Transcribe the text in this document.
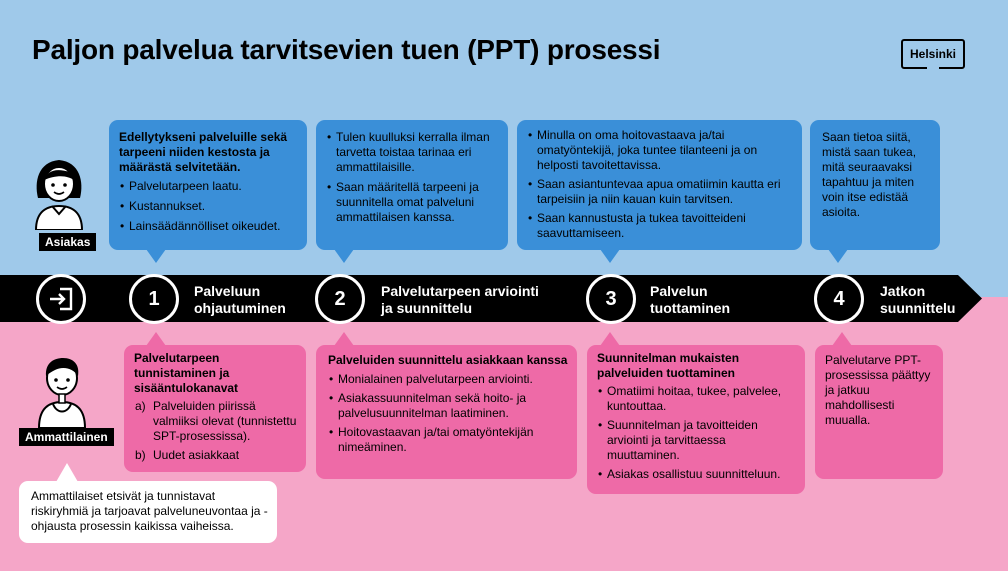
Paljon palvelua tarvitsevien tuen (PPT) prosessi	Helsinki
Asiakas
Ammattilainen
Edellytykseni palveluille sekä tarpeeni niiden kestosta ja määrästä selvitetään.
• Palvelutarpeen laatu.
• Kustannukset.
• Lainsäädännölliset oikeudet.
• Tulen kuulluksi kerralla ilman tarvetta toistaa tarinaa eri ammattilaisille.
• Saan määritellä tarpeeni ja suunnitella omat palveluni ammattilaisen kanssa.
• Minulla on oma hoitovastaava ja/tai omatyöntekijä, joka tuntee tilanteeni ja on helposti tavoitettavissa.
• Saan asiantuntevaa apua omatiimin kautta eri tarpeisiin ja niin kauan kuin tarvitsen.
• Saan kannustusta ja tukea tavoitteideni saavuttamiseen.
Saan tietoa siitä, mistä saan tukea, mitä seuraavaksi tapahtuu ja miten voin itse edistää asioita.
1	Palveluun
ohjautuminen	2	Palvelutarpeen arviointi
ja suunnittelu	3	Palvelun
tuottaminen	4	Jatkon
suunnittelu
Palvelutarpeen tunnistaminen ja sisääntulokanavat
a) Palveluiden piirissä valmiiksi olevat (tunnistettu SPT-prosessissa).
b) Uudet asiakkaat
Palveluiden suunnittelu asiakkaan kanssa
• Monialainen palvelutarpeen arviointi.
• Asiakassuunnitelman sekä hoito- ja palvelusuunnitelman laatiminen.
• Hoitovastaavan ja/tai omatyöntekijän nimeäminen.
Suunnitelman mukaisten palveluiden tuottaminen
• Omatiimi hoitaa, tukee, palvelee, kuntouttaa.
• Suunnitelman ja tavoitteiden arviointi ja tarvittaessa muuttaminen.
• Asiakas osallistuu suunnitteluun.
Palvelutarve PPT-prosessissa päättyy ja jatkuu mahdollisesti muualla.
Ammattilaiset etsivät ja tunnistavat riskiryhmiä ja tarjoavat palveluneuvontaa ja -ohjausta prosessin kaikissa vaiheissa.
